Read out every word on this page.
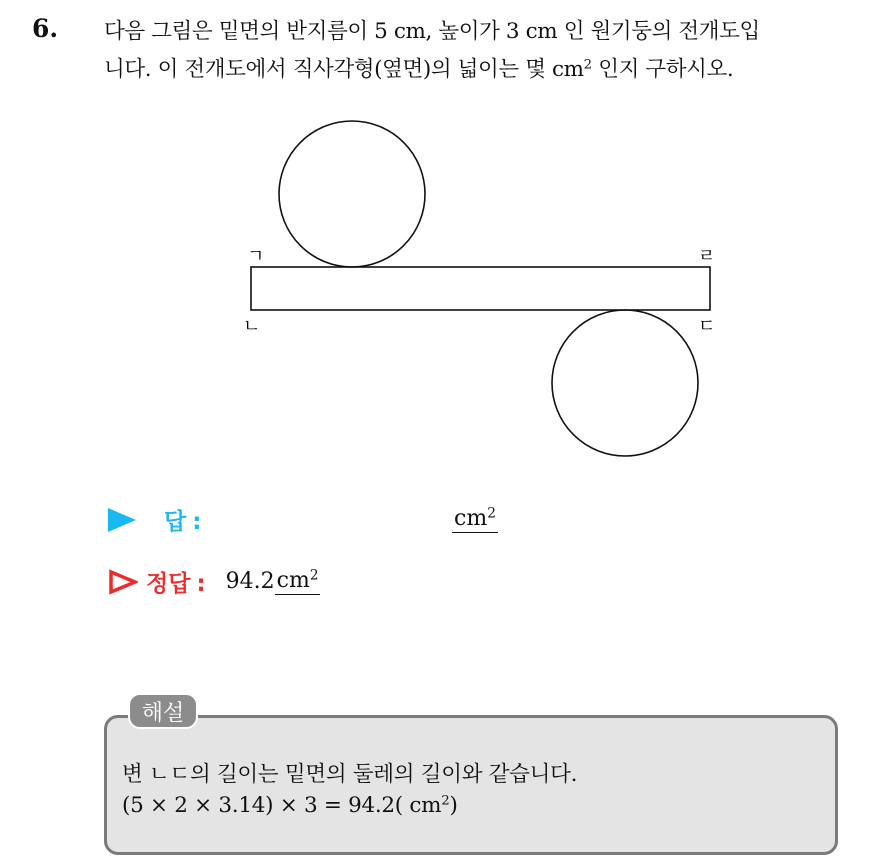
6. 다음 그림은 밑면의 반지름이 5 cm, 높이가 3 cm 인 원기둥의 전개도입
니다. 이 전개도에서 직사각형(옆면)의 넓이는 몇 $cm^2$ 인지 구하시오.
ㄱ
ㄴ
ㄹ
ㄷ
답 :	$cm^2$
정답 : 94.2 $cm^2$
해설
변 ㄴㄷ의 길이는 밑면의 둘레의 길이와 같습니다.
(5 × 2 × 3.14) × 3 = 94.2( $cm^2$)
